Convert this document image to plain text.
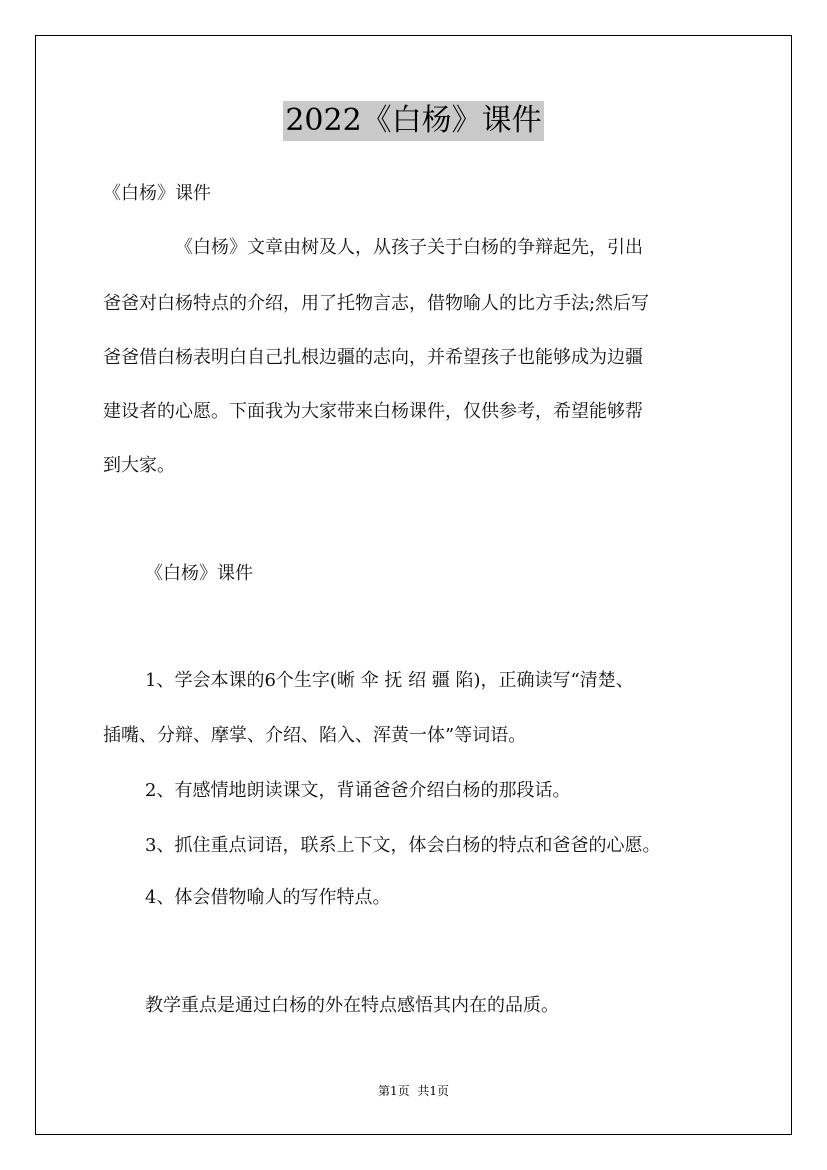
2022《白杨》课件
《白杨》课件
《白杨》文章由树及人，从孩子关于白杨的争辩起先，引出
爸爸对白杨特点的介绍，用了托物言志，借物喻人的比方手法;然后写
爸爸借白杨表明白自己扎根边疆的志向，并希望孩子也能够成为边疆
建设者的心愿。下面我为大家带来白杨课件，仅供参考，希望能够帮
到大家。
《白杨》课件
1、学会本课的6个生字(晰 伞 抚 绍 疆 陷)，正确读写“清楚、
插嘴、分辩、摩掌、介绍、陷入、浑黄一体”等词语。
2、有感情地朗读课文，背诵爸爸介绍白杨的那段话。
3、抓住重点词语，联系上下文，体会白杨的特点和爸爸的心愿。
4、体会借物喻人的写作特点。
教学重点是通过白杨的外在特点感悟其内在的品质。
第1页 共1页
